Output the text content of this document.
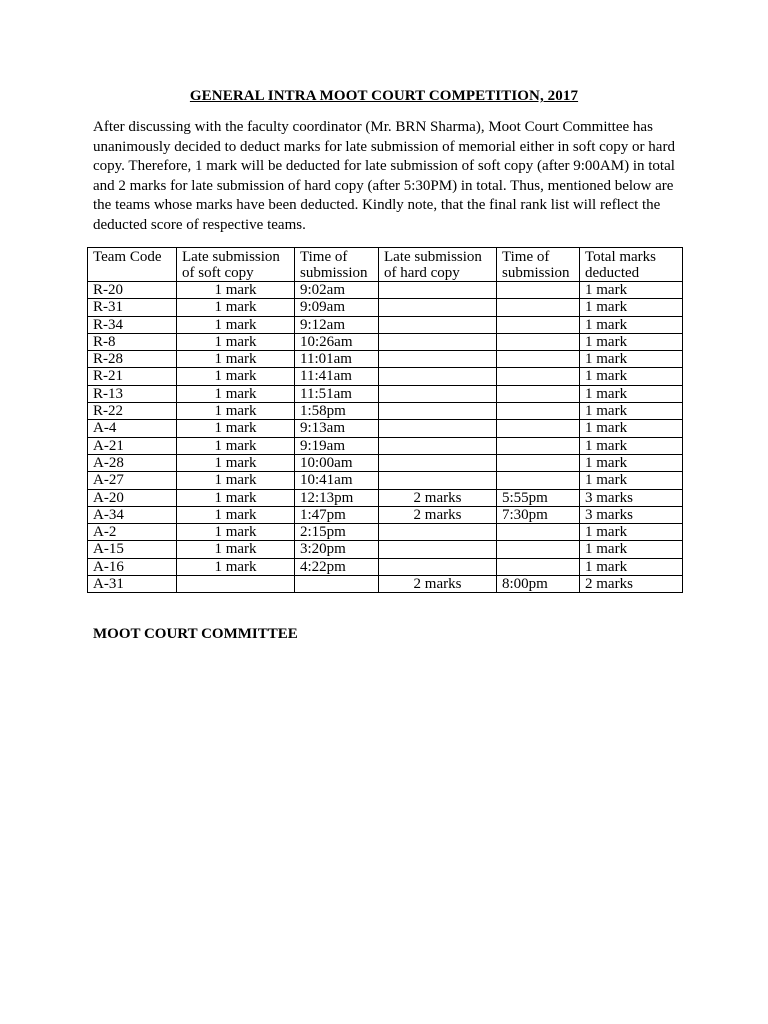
GENERAL INTRA MOOT COURT COMPETITION, 2017

After discussing with the faculty coordinator (Mr. BRN Sharma), Moot Court Committee has unanimously decided to deduct marks for late submission of memorial either in soft copy or hard copy. Therefore, 1 mark will be deducted for late submission of soft copy (after 9:00AM) in total and 2 marks for late submission of hard copy (after 5:30PM) in total. Thus, mentioned below are the teams whose marks have been deducted. Kindly note, that the final rank list will reflect the deducted score of respective teams.

Team Code	Late submission of soft copy	Time of submission	Late submission of hard copy	Time of submission	Total marks deducted
R-20	1 mark	9:02am			1 mark
R-31	1 mark	9:09am			1 mark
R-34	1 mark	9:12am			1 mark
R-8	1 mark	10:26am			1 mark
R-28	1 mark	11:01am			1 mark
R-21	1 mark	11:41am			1 mark
R-13	1 mark	11:51am			1 mark
R-22	1 mark	1:58pm			1 mark
A-4	1 mark	9:13am			1 mark
A-21	1 mark	9:19am			1 mark
A-28	1 mark	10:00am			1 mark
A-27	1 mark	10:41am			1 mark
A-20	1 mark	12:13pm	2 marks	5:55pm	3 marks
A-34	1 mark	1:47pm	2 marks	7:30pm	3 marks
A-2	1 mark	2:15pm			1 mark
A-15	1 mark	3:20pm			1 mark
A-16	1 mark	4:22pm			1 mark
A-31			2 marks	8:00pm	2 marks
MOOT COURT COMMITTEE
